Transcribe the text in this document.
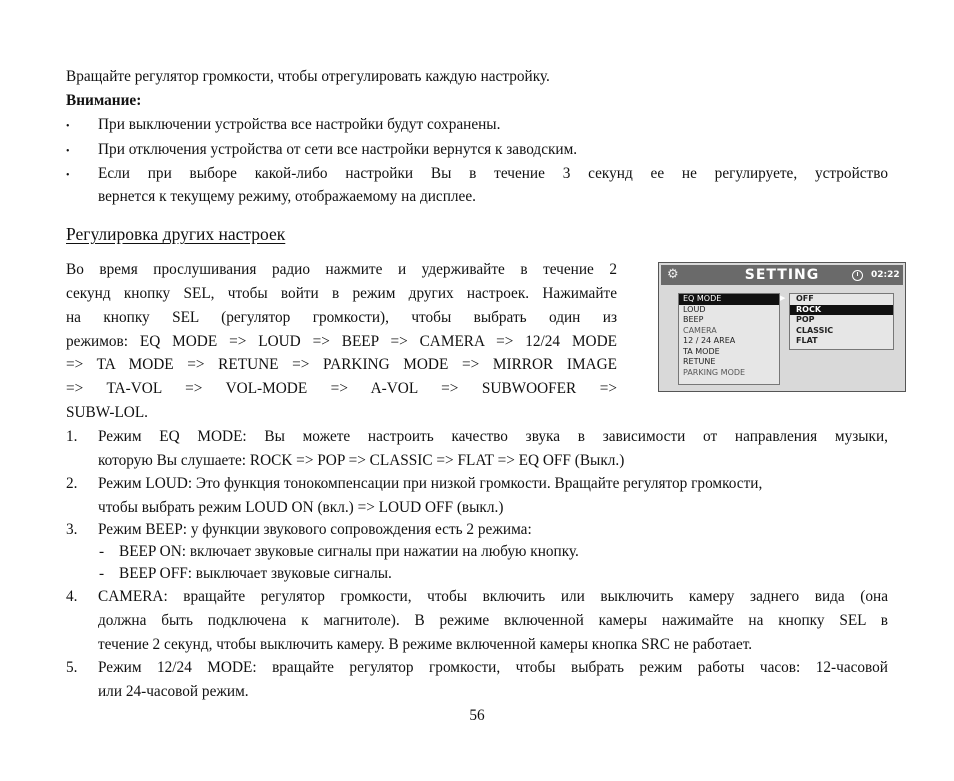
Вращайте регулятор громкости, чтобы отрегулировать каждую настройку.

Внимание:

• При выключении устройства все настройки будут сохранены.

• При отключения устройства от сети все настройки вернутся к заводским.

• Если при выборе какой-либо настройки Вы в течение 3 секунд ее не регулируете, устройство

вернется к текущему режиму, отображаемому на дисплее.

Регулировка других настроек

Во время прослушивания радио нажмите и удерживайте в течение 2

секунд кнопку SEL, чтобы войти в режим других настроек. Нажимайте

на кнопку SEL (регулятор громкости), чтобы выбрать один из

режимов: EQ MODE => LOUD => BEEP => CAMERA => 12/24 MODE

=> TA MODE => RETUNE => PARKING MODE => MIRROR IMAGE

=> TA-VOL => VOL-MODE => A-VOL => SUBWOOFER =>

SUBW-LOL.

1. Режим EQ MODE: Вы можете настроить качество звука в зависимости от направления музыки,

которую Вы слушаете: ROCK => POP => CLASSIC => FLAT => EQ OFF (Выкл.)

2. Режим LOUD: Это функция тонокомпенсации при низкой громкости. Вращайте регулятор громкости,

чтобы выбрать режим LOUD ON (вкл.) => LOUD OFF (выкл.)

3. Режим BEEP: у функции звукового сопровождения есть 2 режима:

- BEEP ON: включает звуковые сигналы при нажатии на любую кнопку.

- BEEP OFF: выключает звуковые сигналы.

4. CAMERA: вращайте регулятор громкости, чтобы включить или выключить камеру заднего вида (она

должна быть подключена к магнитоле). В режиме включенной камеры нажимайте на кнопку SEL в

течение 2 секунд, чтобы выключить камеру. В режиме включенной камеры кнопка SRC не работает.

5. Режим 12/24 MODE: вращайте регулятор громкости, чтобы выбрать режим работы часов: 12-часовой

или 24-часовой режим.

56
⚙	SETTING	02:22
EQ MODE
LOUD
BEEP
CAMERA
12 / 24 AREA
TA MODE
RETUNE
PARKING MODE
▶	OFF
ROCK
POP
CLASSIC
FLAT
